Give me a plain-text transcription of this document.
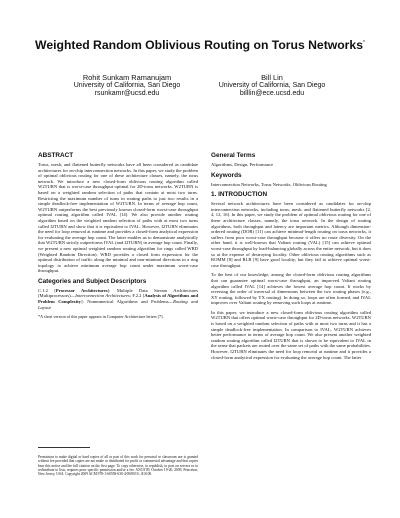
Weighted Random Oblivious Routing on Torus Networks*
Rohit Sunkam Ramanujam
University of California, San Diego
rsunkamr@ucsd.edu
Bill Lin
University of California, San Diego
billlin@ece.ucsd.edu
ABSTRACT

Torus, mesh, and flattened butterfly networks have all been considered as candidate architectures for on-chip interconnection networks. In this paper, we study the problem of optimal oblivious routing for one of these architecture classes, namely, the torus network. We introduce a new closed-form oblivious routing algorithm called W2TURN that is worst-case throughput optimal for 2D-torus networks. W2TURN is based on a weighted random selection of paths that contain at most two turns. Restricting the maximum number of turns in routing paths to just two results in a simple deadlock-free implementation of W2TURN. In terms of average hop count, W2TURN outperforms the best previously known closed-form worst-case throughput optimal routing algorithm called IVAL [14]. We also provide another routing algorithm based on the weighted random selection of paths with at most two turns called I2TURN and show that it is equivalent to IVAL. However, I2TURN eliminates the need for loop removal at runtime and provides a closed-form analytical expression for evaluating the average hop count. The latter enables us to demonstrate analytically that W2TURN strictly outperforms IVAL (and I2TURN) in average hop count. Finally, we present a new optimal weighted random routing algorithm for rings called WRD (Weighted Random Direction). WRD provides a closed form expression for the optimal distribution of traffic along the minimal and non-minimal directions in a ring topology to achieve minimum average hop count under maximum worst-case throughput.

Categories and Subject Descriptors

C.1.2 [Processor Architectures]: Multiple Data Stream Architectures (Multiprocessors)—Interconnection Architectures; F.2.2 [Analysis of Algorithms and Problem Complexity]: Nonnumerical Algorithms and Problems—Routing and Layout

*A short version of this paper appears in Computer Architecture letters [7].

Permission to make digital or hard copies of all or part of this work for personal or classroom use is granted without fee provided that copies are not made or distributed for profit or commercial advantage and that copies bear this notice and the full citation on the first page. To copy otherwise, to republish, to post on servers or to redistribute to lists, requires prior specific permission and/or a fee. ANCS'09, October 19-20, 2009, Princeton, New Jersey, USA. Copyright 2009 ACM 978-1-60558-630-4/09/0010...$10.00.
General Terms

Algorithms, Design, Performance

Keywords

Interconnection Networks, Torus Networks, Oblivious Routing

1. INTRODUCTION

Several network architectures have been considered as candidates for on-chip interconnection networks, including torus, mesh, and flattened butterfly networks [2, 4, 12, 16]. In this paper, we study the problem of optimal oblivious routing for one of these architecture classes, namely, the torus network. In the design of routing algorithms, both throughput and latency are important metrics. Although dimension-ordered routing (DOR) [11] can achieve minimal-length routing on torus networks, it suffers from poor worst-case throughput because it offers no route diversity. On the other hand, it is well-known that Valiant routing (VAL) [15] can achieve optimal worst-case throughput by load-balancing globally across the entire network, but it does so at the expense of destroying locality. Other oblivious routing algorithms such as ROMM [8] and RLB [9] have good locality, but they fail to achieve optimal worst-case throughput.

To the best of our knowledge, among the closed-form oblivious routing algorithms that can guarantee optimal worst-case throughput, an improved Valiant routing algorithm called IVAL [14] achieves the lowest average hop count. It works by reversing the order of traversal of dimensions between the two routing phases (e.g., XY routing, followed by YX routing). In doing so, loops are often formed, and IVAL improves over Valiant routing by removing such loops at runtime.

In this paper, we introduce a new closed-form oblivious routing algorithm called W2TURN that offers optimal worst-case throughput for 2D-torus networks. W2TURN is based on a weighted random selection of paths with at most two turns and it has a simple deadlock-free implementation. In comparison to IVAL, W2TURN achieves better performance in terms of average hop count. We also present another weighted random routing algorithm called I2TURN that is shown to be equivalent to IVAL in the sense that packets are routed over the same set of paths with the same probabilities. However, I2TURN eliminates the need for loop removal at runtime and it provides a closed-form analytical expression for evaluating the average hop count. The latter
